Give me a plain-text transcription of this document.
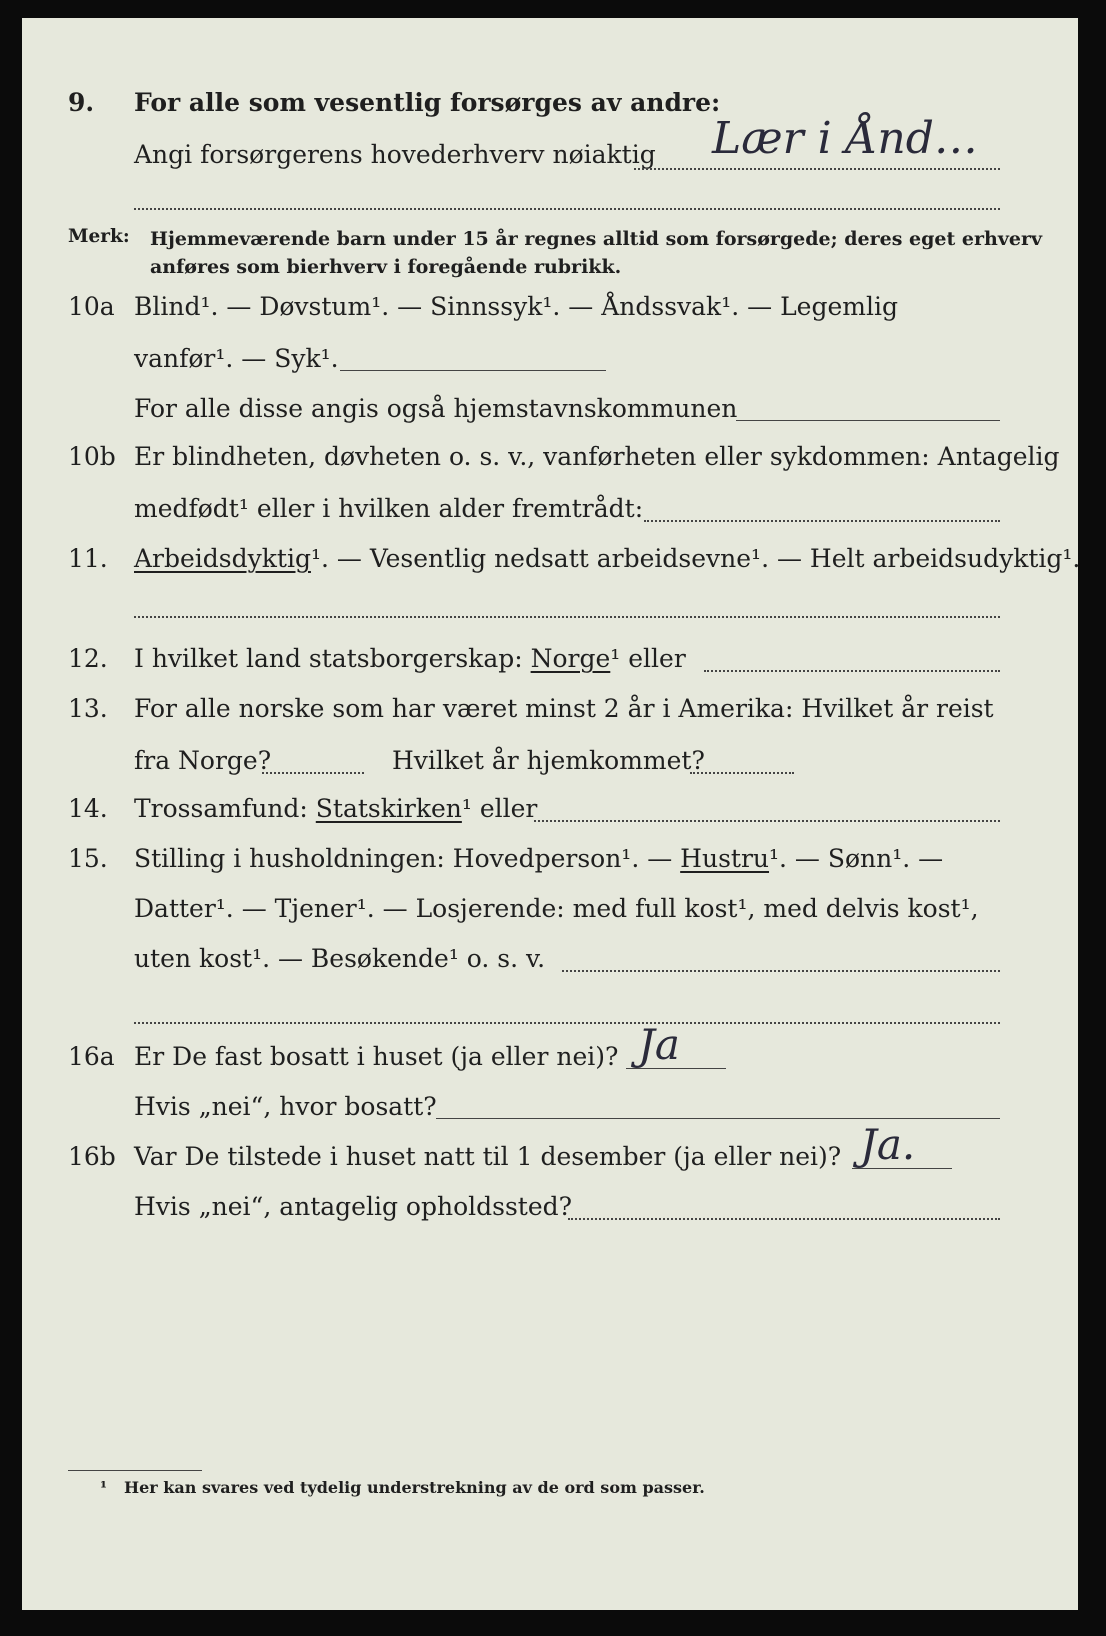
9. For alle som vesentlig forsørges av andre:
Angi forsørgerens hovederhverv nøiaktig Lær i Ånd…
Merk: Hjemmeværende barn under 15 år regnes alltid som forsørgede; deres eget erhverv
anføres som bierhverv i foregående rubrikk.
10a Blind¹. — Døvstum¹. — Sinnssyk¹. — Åndssvak¹. — Legemlig
vanfør¹. — Syk¹.
For alle disse angis også hjemstavnskommunen
10b Er blindheten, døvheten o. s. v., vanførheten eller sykdommen: Antagelig
medfødt¹ eller i hvilken alder fremtrådt:
11. Arbeidsdyktig¹. — Vesentlig nedsatt arbeidsevne¹. — Helt arbeidsudyktig¹.
12. I hvilket land statsborgerskap: Norge¹ eller
13. For alle norske som har været minst 2 år i Amerika: Hvilket år reist
fra Norge?	Hvilket år hjemkommet?
14. Trossamfund: Statskirken¹ eller
15. Stilling i husholdningen: Hovedperson¹. — Hustru¹. — Sønn¹. —
Datter¹. — Tjener¹. — Losjerende: med full kost¹, med delvis kost¹,
uten kost¹. — Besøkende¹ o. s. v.
16a Er De fast bosatt i huset (ja eller nei)? Ja
Hvis „nei“, hvor bosatt?
16b Var De tilstede i huset natt til 1 desember (ja eller nei)? Ja.
Hvis „nei“, antagelig opholdssted?
¹ Her kan svares ved tydelig understrekning av de ord som passer.
